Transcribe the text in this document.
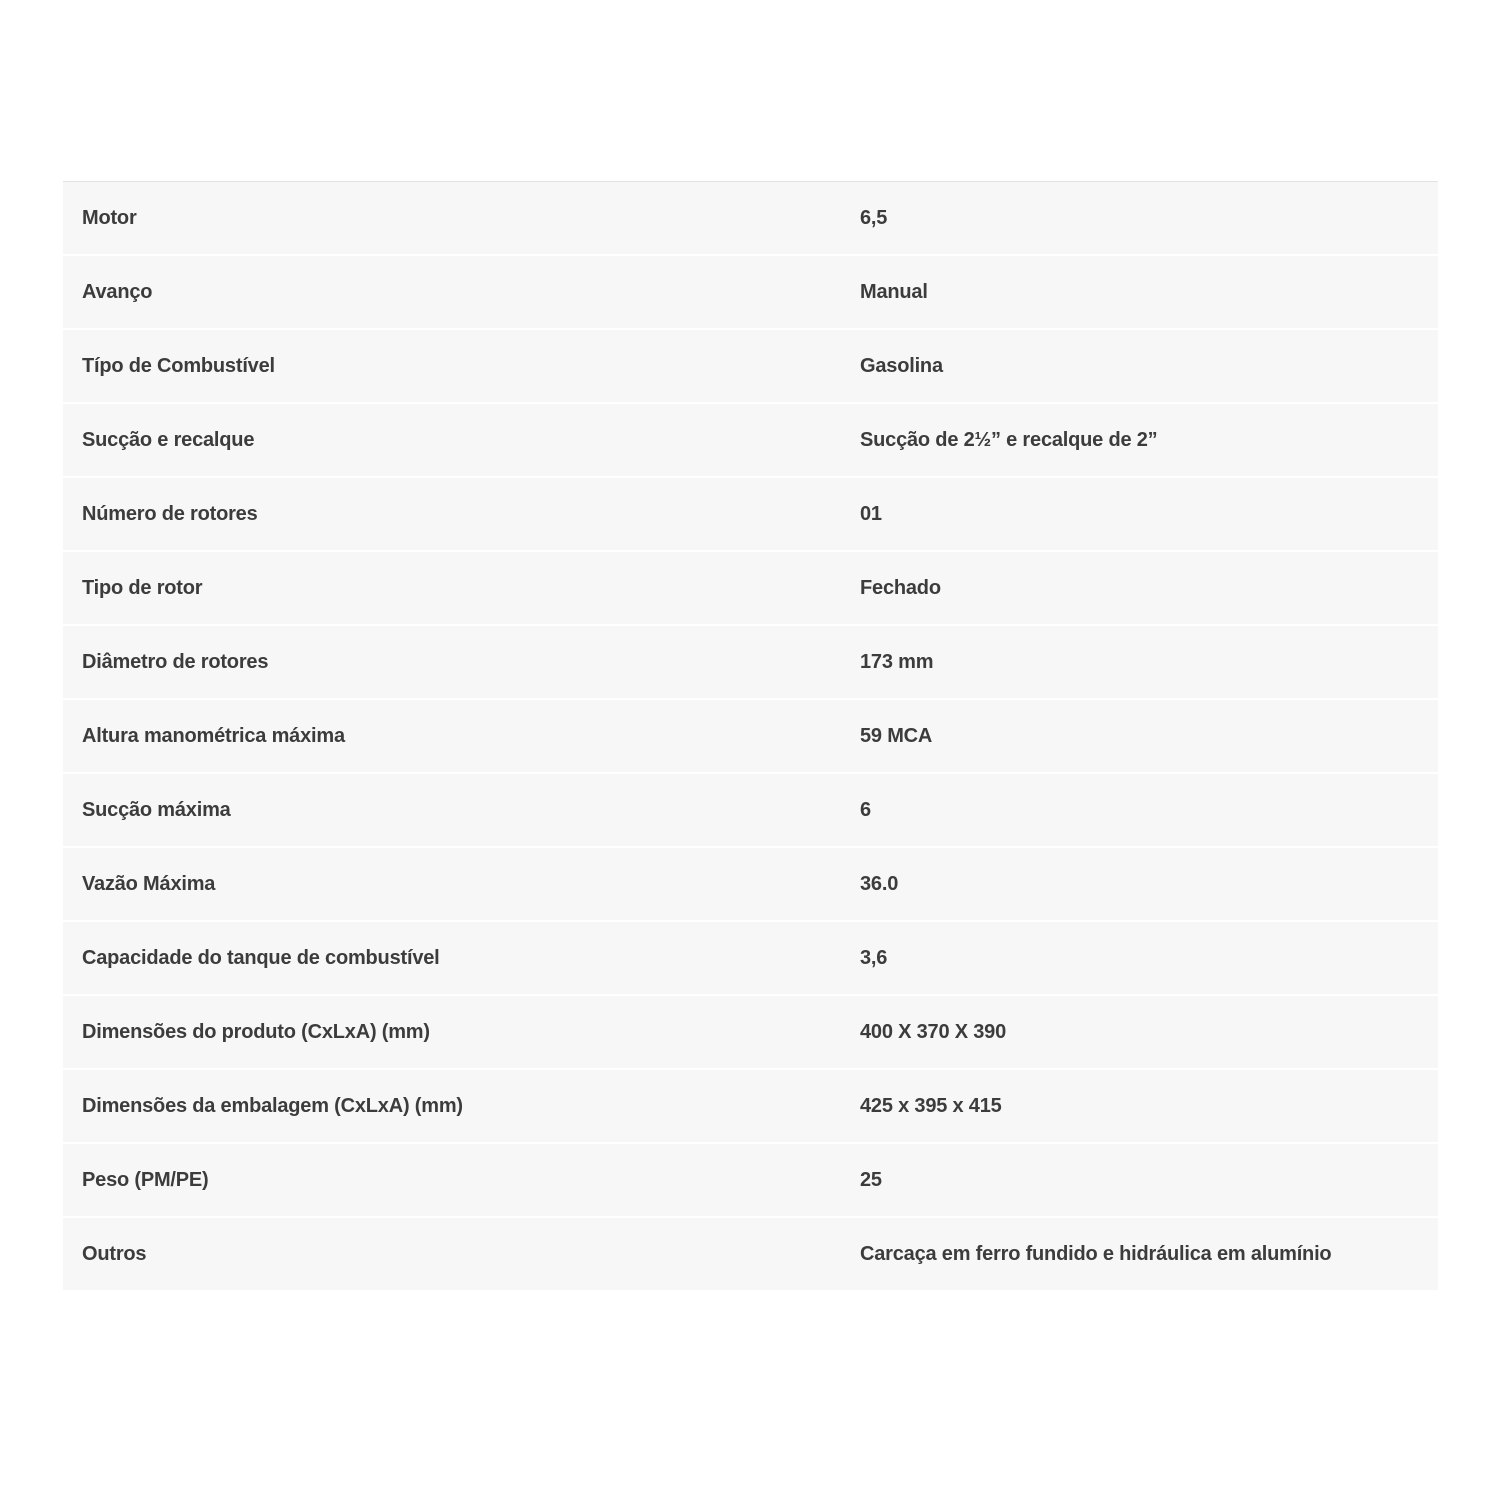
Motor	6,5
Avanço	Manual
Típo de Combustível	Gasolina
Sucção e recalque	Sucção de 2½” e recalque de 2”
Número de rotores	01
Tipo de rotor	Fechado
Diâmetro de rotores	173 mm
Altura manométrica máxima	59 MCA
Sucção máxima	6
Vazão Máxima	36.0
Capacidade do tanque de combustível	3,6
Dimensões do produto (CxLxA) (mm)	400 X 370 X 390
Dimensões da embalagem (CxLxA) (mm)	425 x 395 x 415
Peso (PM/PE)	25
Outros	Carcaça em ferro fundido e hidráulica em alumínio
